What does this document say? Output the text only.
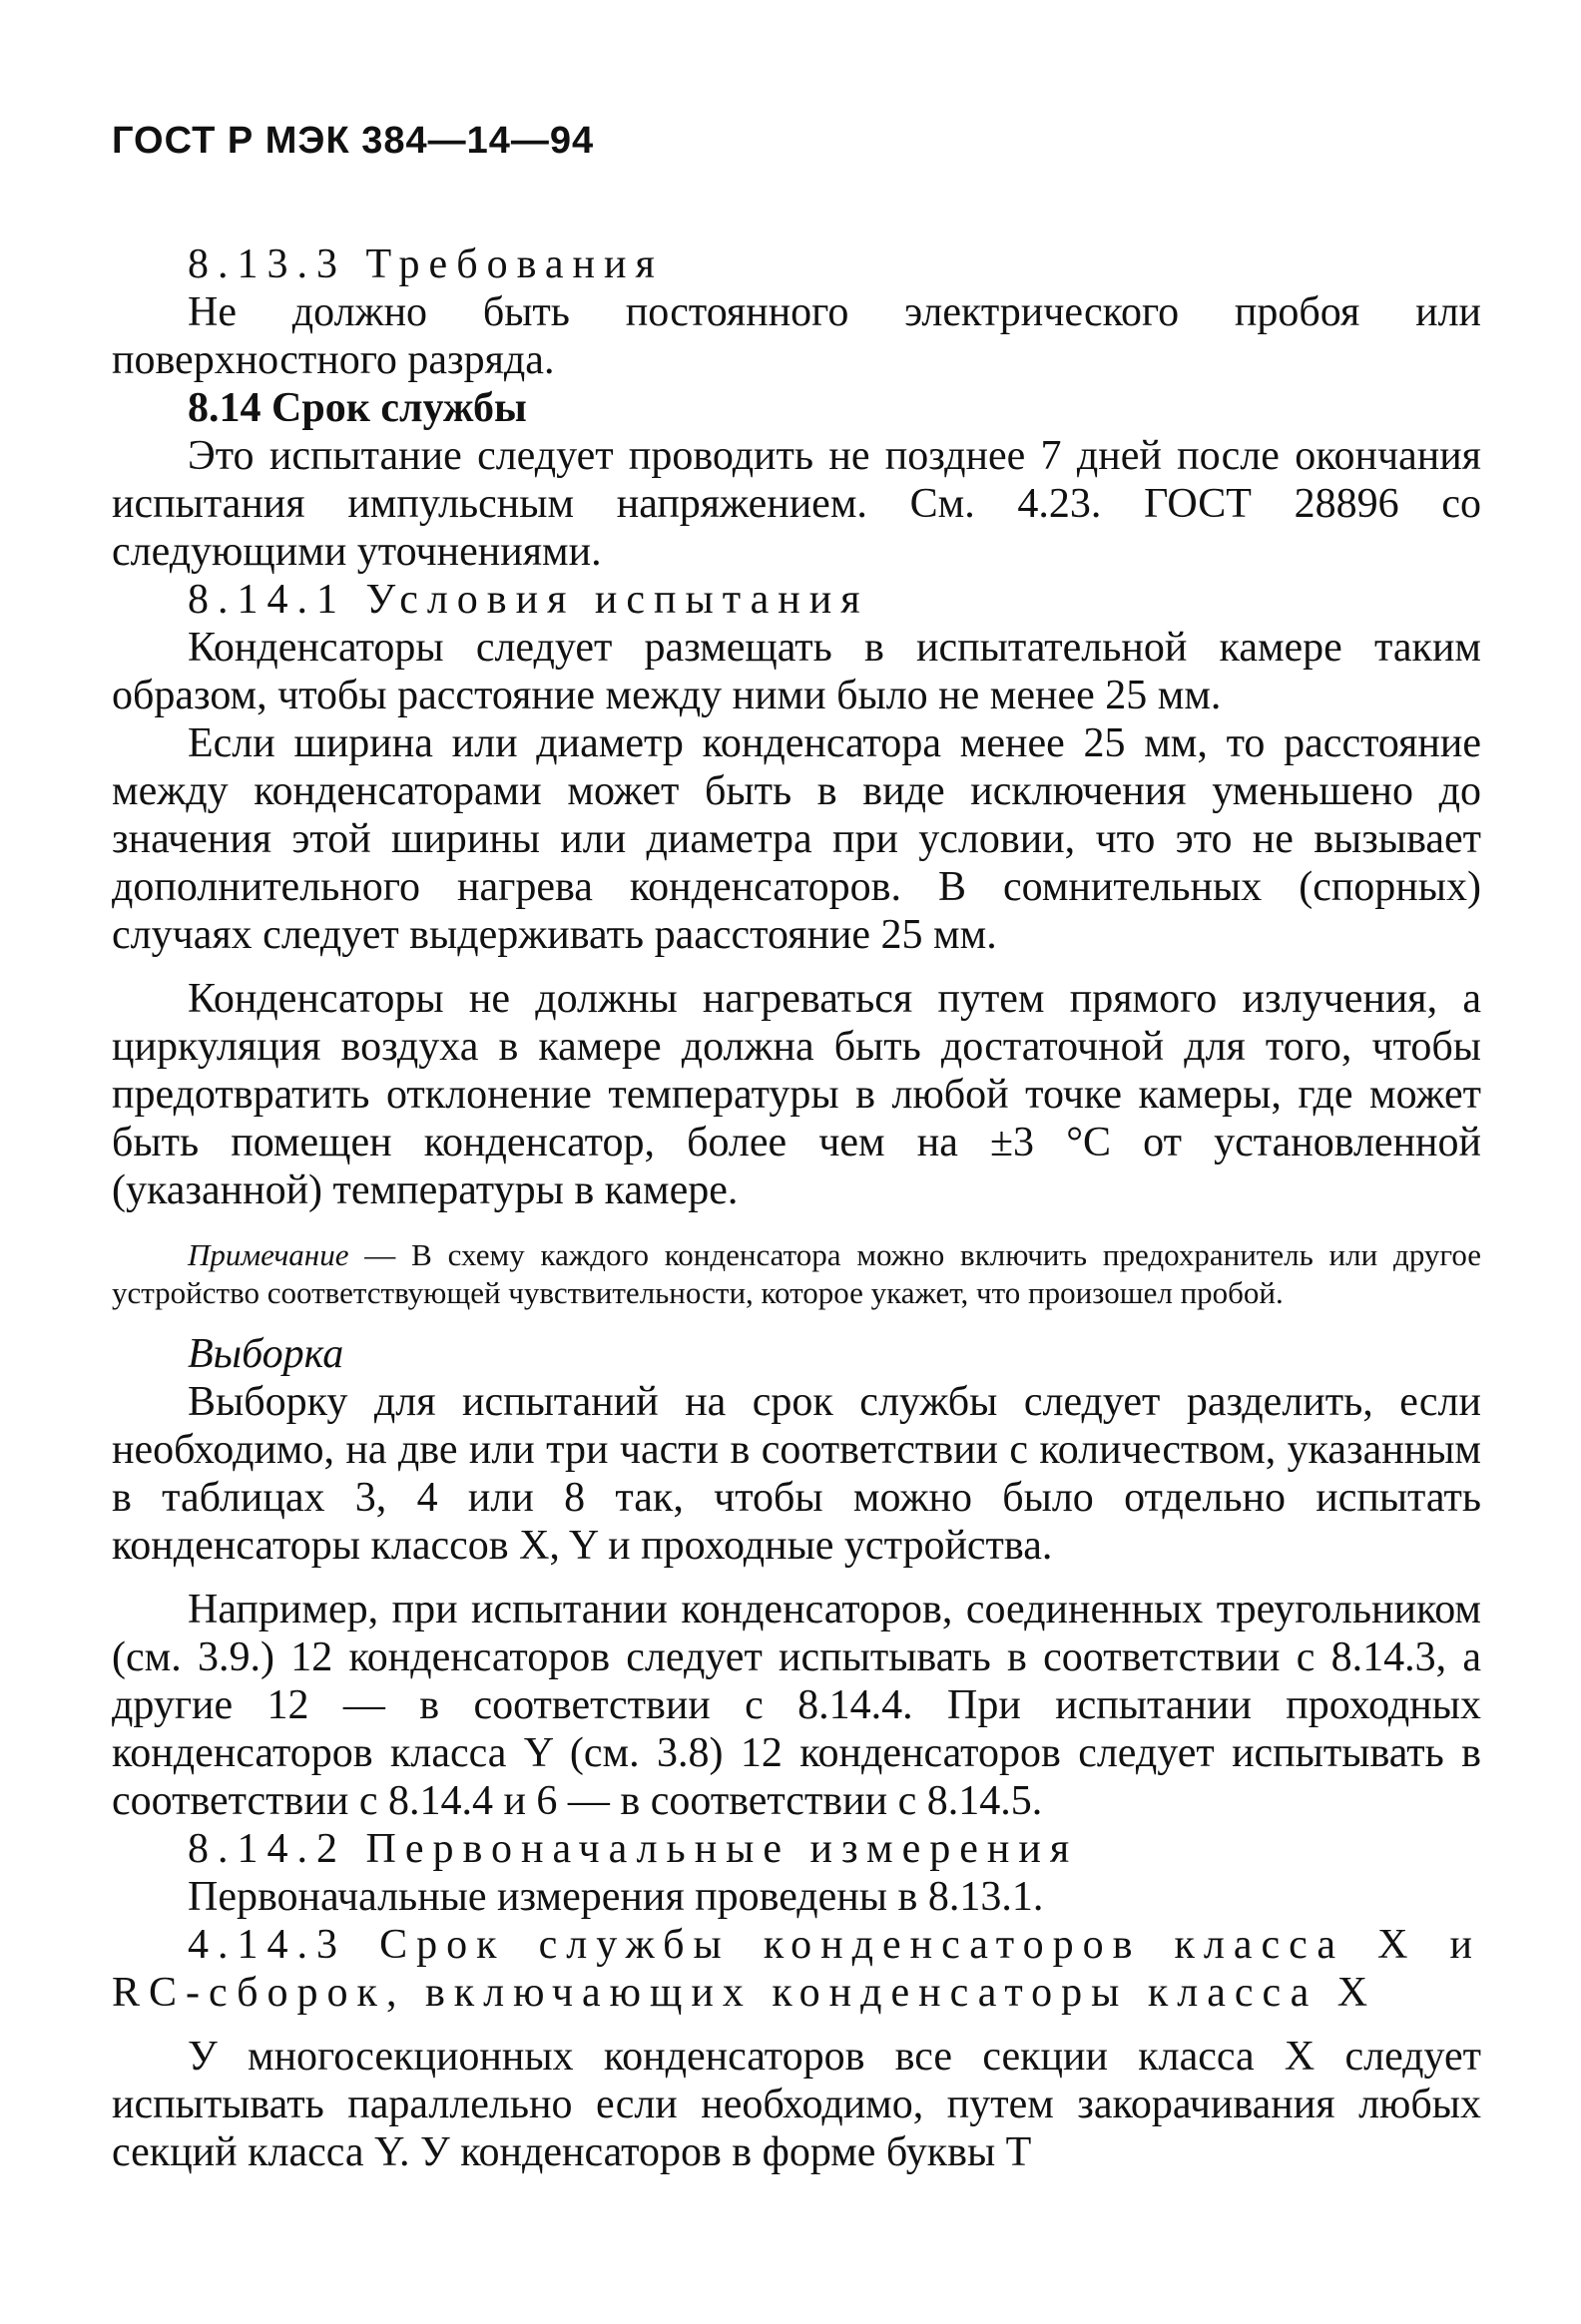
ГОСТ Р МЭК 384—14—94
8.13.3 Требования

Не должно быть постоянного электрического пробоя или поверхностного разряда.

8.14 Срок службы

Это испытание следует проводить не позднее 7 дней после окончания испытания импульсным напряжением. См. 4.23. ГОСТ 28896 со следующими уточнениями.

8.14.1 Условия испытания

Конденсаторы следует размещать в испытательной камере таким образом, чтобы расстояние между ними было не менее 25 мм.

Если ширина или диаметр конденсатора менее 25 мм, то расстояние между конденсаторами может быть в виде исключения уменьшено до значения этой ширины или диаметра при условии, что это не вызывает дополнительного нагрева конденсаторов. В сомнительных (спорных) случаях следует выдерживать раасстояние 25 мм.

Конденсаторы не должны нагреваться путем прямого излучения, а циркуляция воздуха в камере должна быть достаточной для того, чтобы предотвратить отклонение температуры в любой точке камеры, где может быть помещен конденсатор, более чем на ±3 °С от установленной (указанной) температуры в камере.

Примечание — В схему каждого конденсатора можно включить предохранитель или другое устройство соответствующей чувствительности, которое укажет, что произошел пробой.

Выборка

Выборку для испытаний на срок службы следует разделить, если необходимо, на две или три части в соответствии с количеством, указанным в таблицах 3, 4 или 8 так, чтобы можно было отдельно испытать конденсаторы классов X, Y и проходные устройства.

Например, при испытании конденсаторов, соединенных треугольником (см. 3.9.) 12 конденсаторов следует испытывать в соответствии с 8.14.3, а другие 12 — в соответствии с 8.14.4. При испытании проходных конденсаторов класса Y (см. 3.8) 12 конденсаторов следует испытывать в соответствии с 8.14.4 и 6 — в соответствии с 8.14.5.

8.14.2 Первоначальные измерения

Первоначальные измерения проведены в 8.13.1.

4.14.3 Срок службы конденсаторов класса X и RC-сборок, включающих конденсаторы класса X

У многосекционных конденсаторов все секции класса X следует испытывать параллельно если необходимо, путем закорачивания любых секций класса Y. У конденсаторов в форме буквы Т
